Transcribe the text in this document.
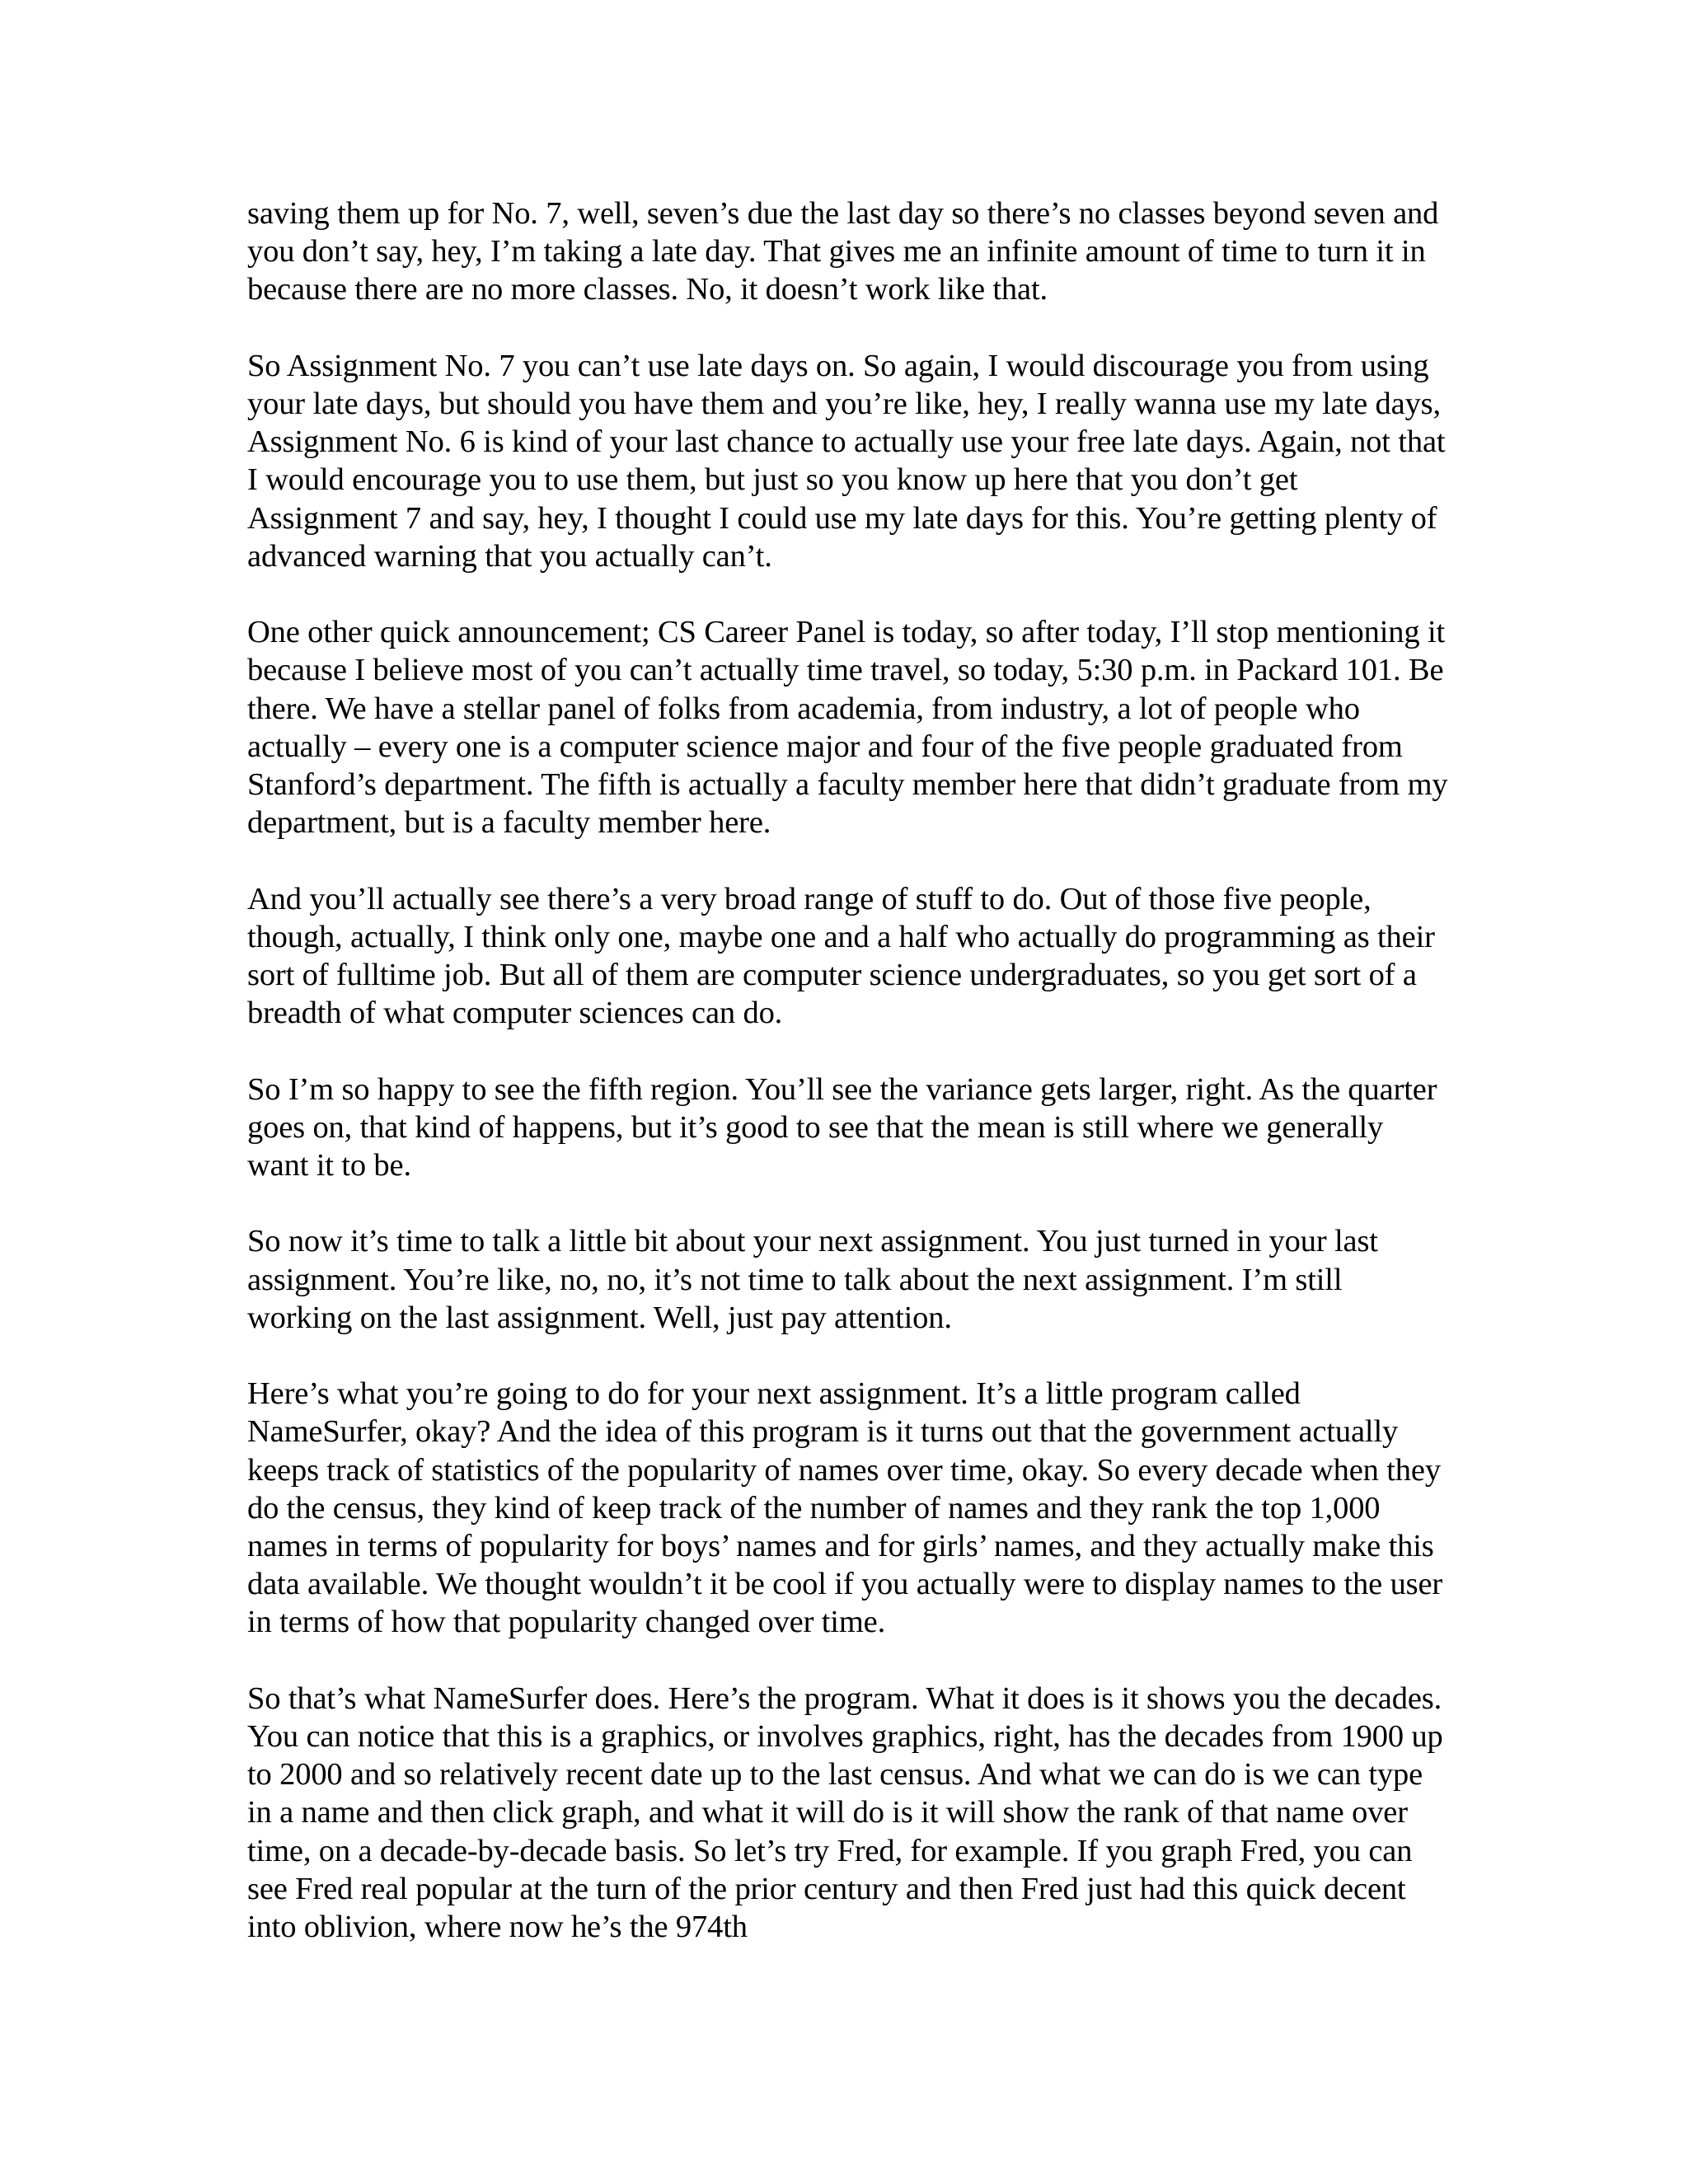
saving them up for No. 7, well, seven’s due the last day so there’s no classes beyond seven and you don’t say, hey, I’m taking a late day. That gives me an infinite amount of time to turn it in because there are no more classes. No, it doesn’t work like that.

So Assignment No. 7 you can’t use late days on. So again, I would discourage you from using your late days, but should you have them and you’re like, hey, I really wanna use my late days, Assignment No. 6 is kind of your last chance to actually use your free late days. Again, not that I would encourage you to use them, but just so you know up here that you don’t get Assignment 7 and say, hey, I thought I could use my late days for this. You’re getting plenty of advanced warning that you actually can’t.

One other quick announcement; CS Career Panel is today, so after today, I’ll stop mentioning it because I believe most of you can’t actually time travel, so today, 5:30 p.m. in Packard 101. Be there. We have a stellar panel of folks from academia, from industry, a lot of people who actually – every one is a computer science major and four of the five people graduated from Stanford’s department. The fifth is actually a faculty member here that didn’t graduate from my department, but is a faculty member here.

And you’ll actually see there’s a very broad range of stuff to do. Out of those five people, though, actually, I think only one, maybe one and a half who actually do programming as their sort of fulltime job. But all of them are computer science undergraduates, so you get sort of a breadth of what computer sciences can do.

So I’m so happy to see the fifth region. You’ll see the variance gets larger, right. As the quarter goes on, that kind of happens, but it’s good to see that the mean is still where we generally want it to be.

So now it’s time to talk a little bit about your next assignment. You just turned in your last assignment. You’re like, no, no, it’s not time to talk about the next assignment. I’m still working on the last assignment. Well, just pay attention.

Here’s what you’re going to do for your next assignment. It’s a little program called NameSurfer, okay? And the idea of this program is it turns out that the government actually keeps track of statistics of the popularity of names over time, okay. So every decade when they do the census, they kind of keep track of the number of names and they rank the top 1,000 names in terms of popularity for boys’ names and for girls’ names, and they actually make this data available. We thought wouldn’t it be cool if you actually were to display names to the user in terms of how that popularity changed over time.

So that’s what NameSurfer does. Here’s the program. What it does is it shows you the decades. You can notice that this is a graphics, or involves graphics, right, has the decades from 1900 up to 2000 and so relatively recent date up to the last census. And what we can do is we can type in a name and then click graph, and what it will do is it will show the rank of that name over time, on a decade-by-decade basis. So let’s try Fred, for example. If you graph Fred, you can see Fred real popular at the turn of the prior century and then Fred just had this quick decent into oblivion, where now he’s the 974th
